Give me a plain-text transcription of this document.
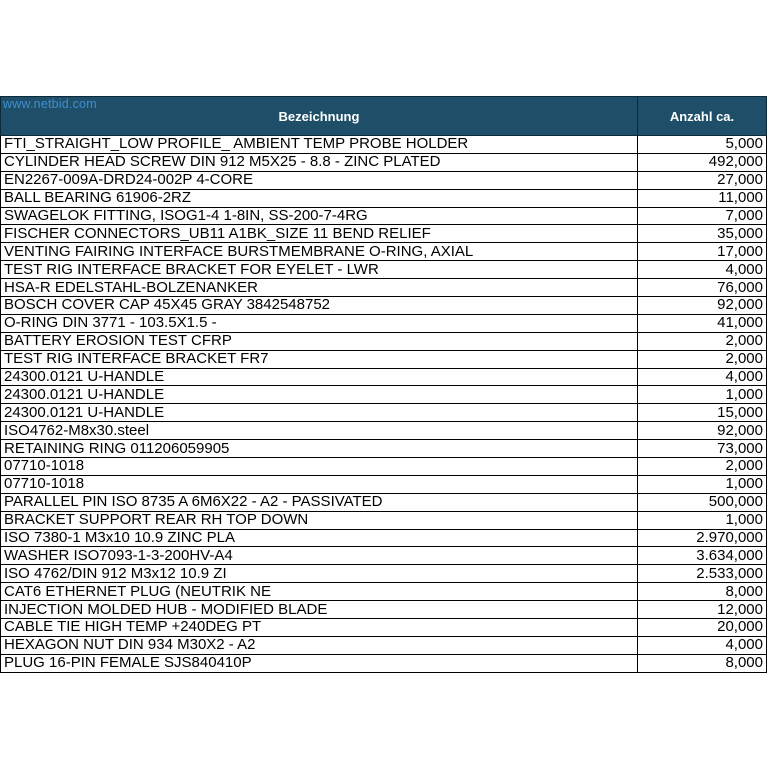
www.netbid.com
Bezeichnung	Anzahl ca.
FTI_STRAIGHT_LOW PROFILE_ AMBIENT TEMP PROBE HOLDER	5,000
CYLINDER HEAD SCREW DIN 912 M5X25 - 8.8 - ZINC PLATED	492,000
EN2267-009A-DRD24-002P 4-CORE	27,000
BALL BEARING 61906-2RZ	11,000
SWAGELOK FITTING, ISOG1-4 1-8IN, SS-200-7-4RG	7,000
FISCHER CONNECTORS_UB11 A1BK_SIZE 11 BEND RELIEF	35,000
VENTING FAIRING INTERFACE BURSTMEMBRANE O-RING, AXIAL	17,000
TEST RIG INTERFACE BRACKET FOR EYELET - LWR	4,000
HSA-R EDELSTAHL-BOLZENANKER	76,000
BOSCH COVER CAP 45X45 GRAY 3842548752	92,000
O-RING DIN 3771 - 103.5X1.5 -	41,000
BATTERY EROSION TEST CFRP	2,000
TEST RIG INTERFACE BRACKET FR7	2,000
24300.0121 U-HANDLE	4,000
24300.0121 U-HANDLE	1,000
24300.0121 U-HANDLE	15,000
ISO4762-M8x30.steel	92,000
RETAINING RING 011206059905	73,000
07710-1018	2,000
07710-1018	1,000
PARALLEL PIN ISO 8735 A 6M6X22 - A2 - PASSIVATED	500,000
BRACKET SUPPORT REAR RH TOP DOWN	1,000
ISO 7380-1 M3x10 10.9 ZINC PLA	2.970,000
WASHER ISO7093-1-3-200HV-A4	3.634,000
ISO 4762/DIN 912 M3x12 10.9 ZI	2.533,000
CAT6 ETHERNET PLUG (NEUTRIK NE	8,000
INJECTION MOLDED HUB - MODIFIED BLADE	12,000
CABLE TIE HIGH TEMP +240DEG PT	20,000
HEXAGON NUT DIN 934 M30X2 - A2	4,000
PLUG 16-PIN FEMALE SJS840410P	8,000
